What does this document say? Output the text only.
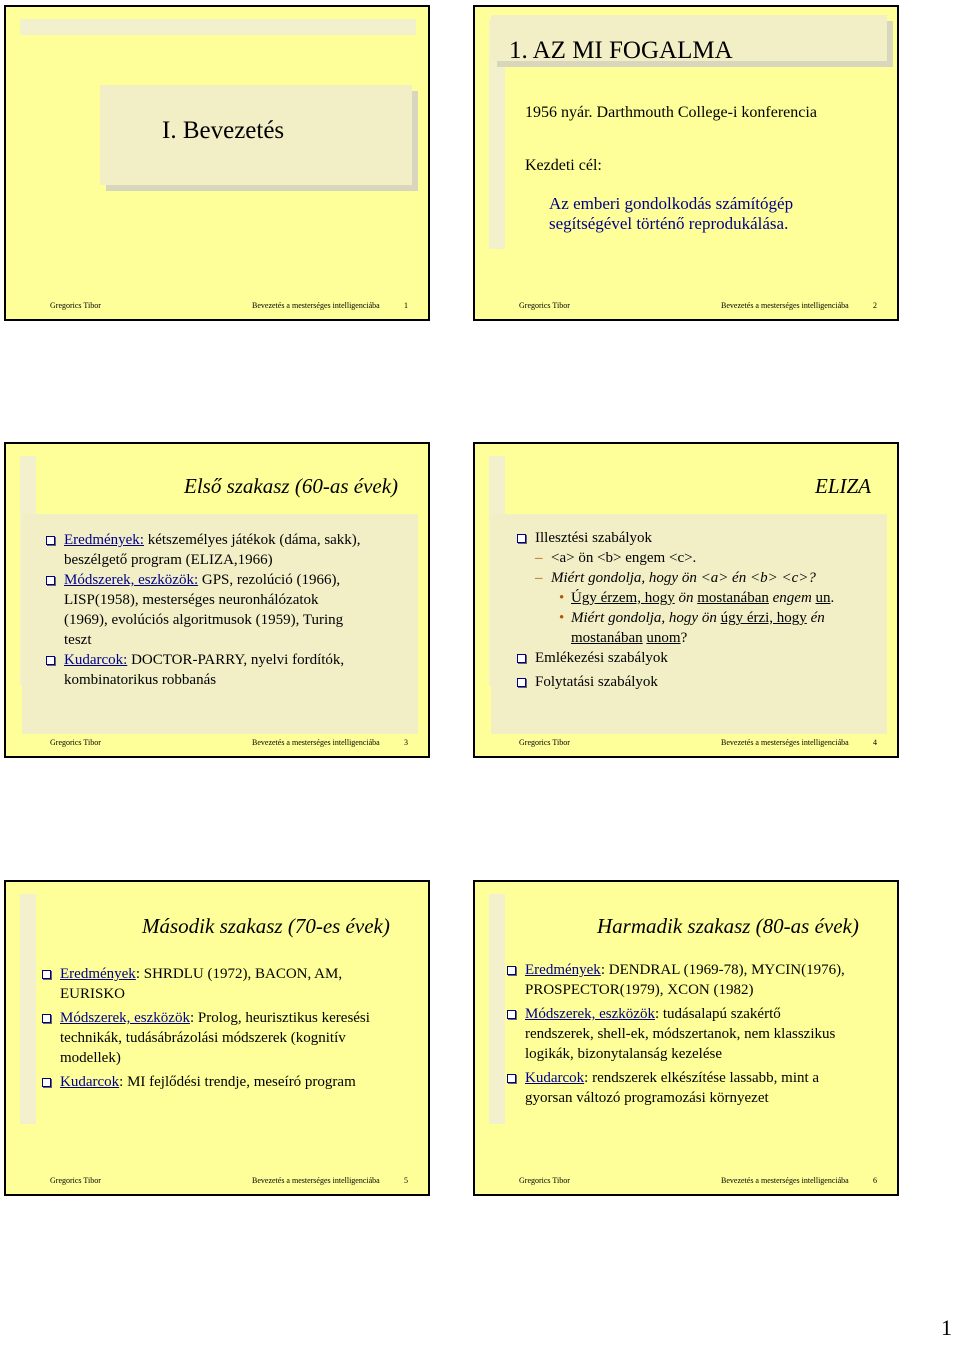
I. Bevezetés
Gregorics Tibor	Bevezetés a mesterséges intelligenciába	1
1. AZ MI FOGALMA
1956 nyár. Darthmouth College-i konferencia
Kezdeti cél:
Az emberi gondolkodás számítógép
segítségével történő reprodukálása.
Gregorics Tibor	Bevezetés a mesterséges intelligenciába	2
Első szakasz (60-as évek)
Eredmények: kétszemélyes játékok (dáma, sakk),
beszélgető program (ELIZA,1966)
Módszerek, eszközök: GPS, rezolúció (1966),
LISP(1958), mesterséges neuronhálózatok
(1969), evolúciós algoritmusok (1959), Turing
teszt
Kudarcok: DOCTOR-PARRY, nyelvi fordítók,
kombinatorikus robbanás
Gregorics Tibor	Bevezetés a mesterséges intelligenciába	3
ELIZA
Illesztési szabályok
– <a> ön <b> engem <c>.
– Miért gondolja, hogy ön <a> én <b> <c>?
• Úgy érzem, hogy ön mostanában engem un.
• Miért gondolja, hogy ön úgy érzi, hogy én
mostanában unom?
Emlékezési szabályok
Folytatási szabályok
Gregorics Tibor	Bevezetés a mesterséges intelligenciába	4
Második szakasz (70-es évek)
Eredmények: SHRDLU (1972), BACON, AM,
EURISKO
Módszerek, eszközök: Prolog, heurisztikus keresési
technikák, tudásábrázolási módszerek (kognitív
modellek)
Kudarcok: MI fejlődési trendje, meseíró program
Gregorics Tibor	Bevezetés a mesterséges intelligenciába	5
Harmadik szakasz (80-as évek)
Eredmények: DENDRAL (1969-78), MYCIN(1976),
PROSPECTOR(1979), XCON (1982)
Módszerek, eszközök: tudásalapú szakértő
rendszerek, shell-ek, módszertanok, nem klasszikus
logikák, bizonytalanság kezelése
Kudarcok: rendszerek elkészítése lassabb, mint a
gyorsan változó programozási környezet
Gregorics Tibor	Bevezetés a mesterséges intelligenciába	6
1
